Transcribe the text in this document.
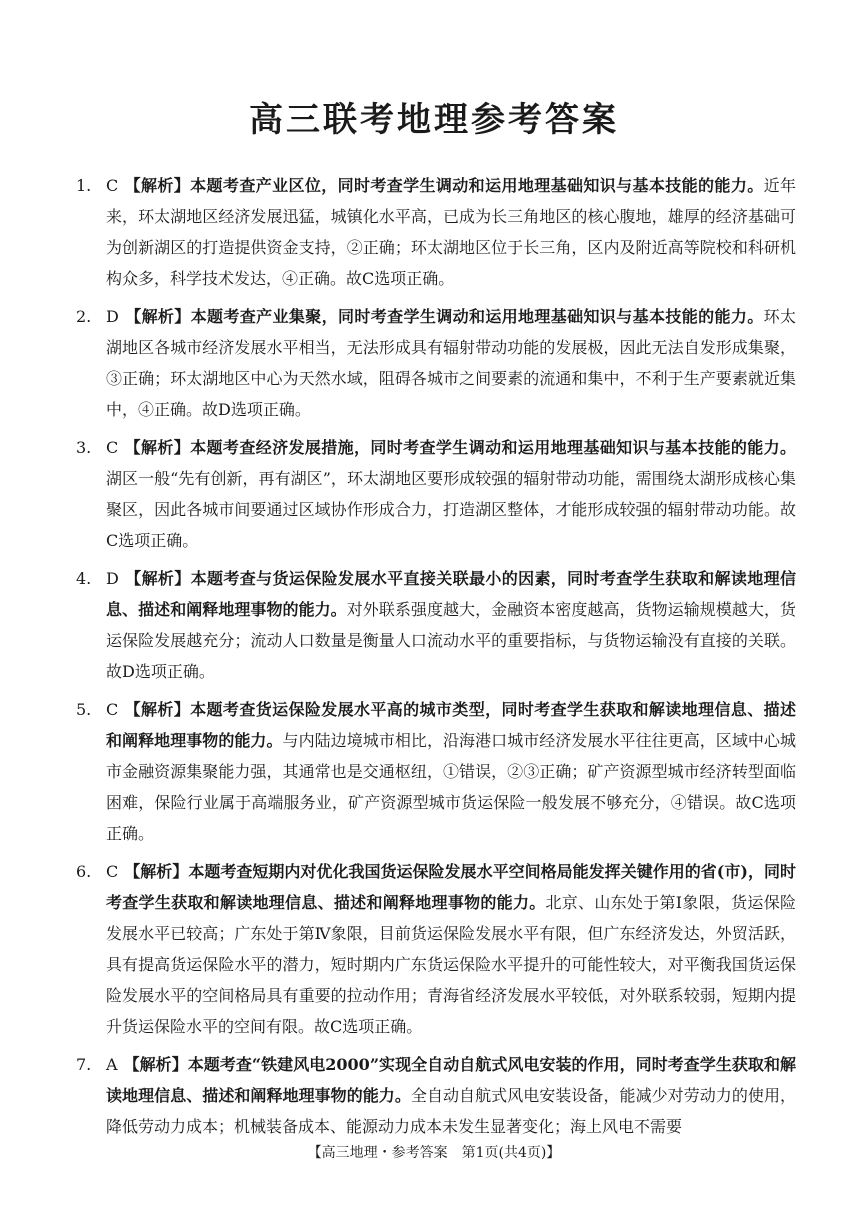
高三联考地理参考答案

1. C 【解析】本题考查产业区位，同时考查学生调动和运用地理基础知识与基本技能的能力。近年来，环太湖地区经济发展迅猛，城镇化水平高，已成为长三角地区的核心腹地，雄厚的经济基础可为创新湖区的打造提供资金支持，②正确；环太湖地区位于长三角，区内及附近高等院校和科研机构众多，科学技术发达，④正确。故C选项正确。

2. D 【解析】本题考查产业集聚，同时考查学生调动和运用地理基础知识与基本技能的能力。环太湖地区各城市经济发展水平相当，无法形成具有辐射带动功能的发展极，因此无法自发形成集聚，③正确；环太湖地区中心为天然水域，阻碍各城市之间要素的流通和集中，不利于生产要素就近集中，④正确。故D选项正确。

3. C 【解析】本题考查经济发展措施，同时考查学生调动和运用地理基础知识与基本技能的能力。湖区一般“先有创新，再有湖区”，环太湖地区要形成较强的辐射带动功能，需围绕太湖形成核心集聚区，因此各城市间要通过区域协作形成合力，打造湖区整体，才能形成较强的辐射带动功能。故C选项正确。

4. D 【解析】本题考查与货运保险发展水平直接关联最小的因素，同时考查学生获取和解读地理信息、描述和阐释地理事物的能力。对外联系强度越大，金融资本密度越高，货物运输规模越大，货运保险发展越充分；流动人口数量是衡量人口流动水平的重要指标，与货物运输没有直接的关联。故D选项正确。

5. C 【解析】本题考查货运保险发展水平高的城市类型，同时考查学生获取和解读地理信息、描述和阐释地理事物的能力。与内陆边境城市相比，沿海港口城市经济发展水平往往更高，区域中心城市金融资源集聚能力强，其通常也是交通枢纽，①错误，②③正确；矿产资源型城市经济转型面临困难，保险行业属于高端服务业，矿产资源型城市货运保险一般发展不够充分，④错误。故C选项正确。

6. C 【解析】本题考查短期内对优化我国货运保险发展水平空间格局能发挥关键作用的省(市)，同时考查学生获取和解读地理信息、描述和阐释地理事物的能力。北京、山东处于第Ⅰ象限，货运保险发展水平已较高；广东处于第Ⅳ象限，目前货运保险发展水平有限，但广东经济发达，外贸活跃，具有提高货运保险水平的潜力，短时期内广东货运保险水平提升的可能性较大，对平衡我国货运保险发展水平的空间格局具有重要的拉动作用；青海省经济发展水平较低，对外联系较弱，短期内提升货运保险水平的空间有限。故C选项正确。

7. A 【解析】本题考查“铁建风电2000”实现全自动自航式风电安装的作用，同时考查学生获取和解读地理信息、描述和阐释地理事物的能力。全自动自航式风电安装设备，能减少对劳动力的使用，降低劳动力成本；机械装备成本、能源动力成本未发生显著变化；海上风电不需要

【高三地理・参考答案　第1页(共4页)】
